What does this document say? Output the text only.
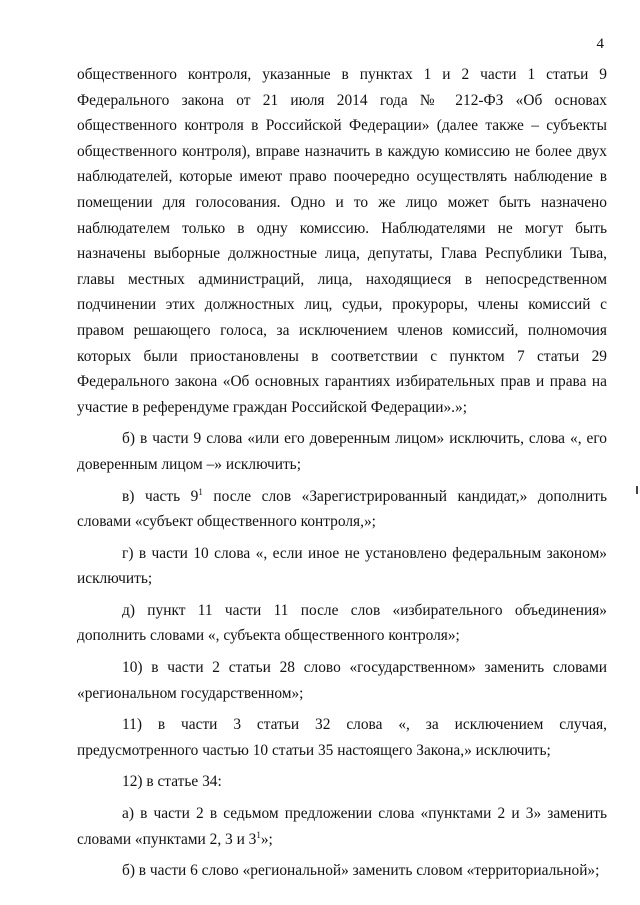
4

общественного контроля, указанные в пунктах 1 и 2 части 1 статьи 9 Федерального закона от 21 июля 2014 года № 212-ФЗ «Об основах общественного контроля в Российской Федерации» (далее также – субъекты общественного контроля), вправе назначить в каждую комиссию не более двух наблюдателей, которые имеют право поочередно осуществлять наблюдение в помещении для голосования. Одно и то же лицо может быть назначено наблюдателем только в одну комиссию. Наблюдателями не могут быть назначены выборные должностные лица, депутаты, Глава Республики Тыва, главы местных администраций, лица, находящиеся в непосредственном подчинении этих должностных лиц, судьи, прокуроры, члены комиссий с правом решающего голоса, за исключением членов комиссий, полномочия которых были приостановлены в соответствии с пунктом 7 статьи 29 Федерального закона «Об основных гарантиях избирательных прав и права на участие в референдуме граждан Российской Федерации».»;

б) в части 9 слова «или его доверенным лицом» исключить, слова «, его доверенным лицом –» исключить;

в) часть $9^1$ после слов «Зарегистрированный кандидат,» дополнить словами «субъект общественного контроля,»;

г) в части 10 слова «, если иное не установлено федеральным законом» исключить;

д) пункт 11 части 11 после слов «избирательного объединения» дополнить словами «, субъекта общественного контроля»;

10) в части 2 статьи 28 слово «государственном» заменить словами «региональном государственном»;

11) в части 3 статьи 32 слова «, за исключением случая, предусмотренного частью 10 статьи 35 настоящего Закона,» исключить;

12) в статье 34:

а) в части 2 в седьмом предложении слова «пунктами 2 и 3» заменить словами «пунктами 2, 3 и $3^1$»;

б) в части 6 слово «региональной» заменить словом «территориальной»;
